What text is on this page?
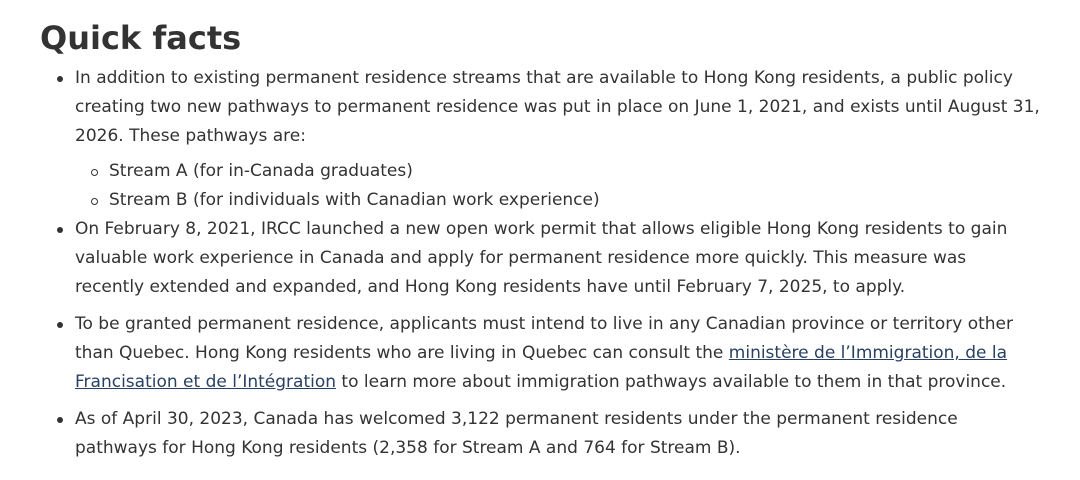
Quick facts
In addition to existing permanent residence streams that are available to Hong Kong residents, a public policy creating two new pathways to permanent residence was put in place on June 1, 2021, and exists until August 31, 2026. These pathways are:
Stream A (for in-Canada graduates)
Stream B (for individuals with Canadian work experience)
On February 8, 2021, IRCC launched a new open work permit that allows eligible Hong Kong residents to gain valuable work experience in Canada and apply for permanent residence more quickly. This measure was recently extended and expanded, and Hong Kong residents have until February 7, 2025, to apply.
To be granted permanent residence, applicants must intend to live in any Canadian province or territory other than Quebec. Hong Kong residents who are living in Quebec can consult the ministère de l’Immigration, de la Francisation et de l’Intégration to learn more about immigration pathways available to them in that province.
As of April 30, 2023, Canada has welcomed 3,122 permanent residents under the permanent residence pathways for Hong Kong residents (2,358 for Stream A and 764 for Stream B).
